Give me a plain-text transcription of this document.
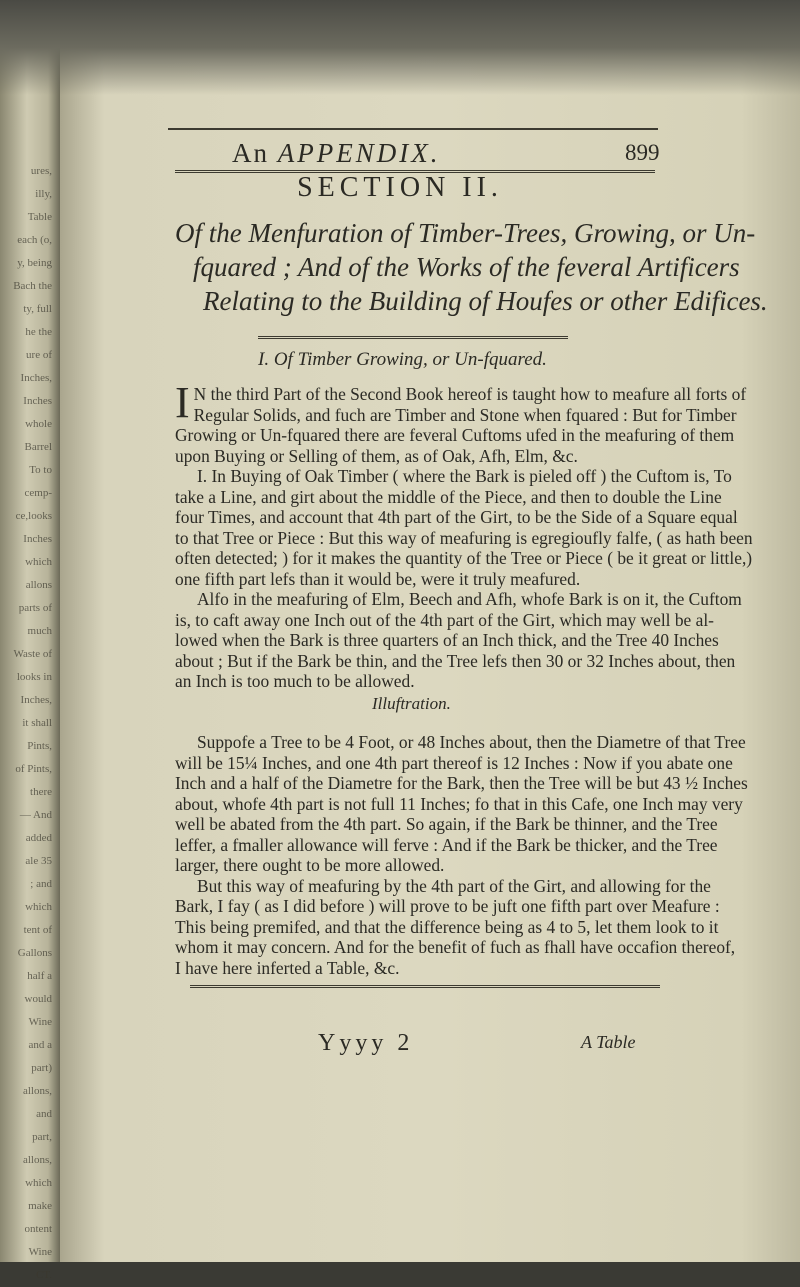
ures,
illy,
Table
each (o,
y, being
Bach the
ty, full
he the
ure of
Inches,
Inches
whole
Barrel
To to
cemp-
ce,looks
Inches
which
allons
parts of
much
Waste of
looks in
Inches,
it shall
Pints,
of Pints,
there
— And
added
ale 35
; and
which
tent of
Gallons
half a
would
Wine
and a
part)
allons,
and
part,
allons,
which
make
ontent
Wine
CT.
An APPENDIX.	899
SECTION II.
Of the Menfuration of Timber-Trees, Growing, or Un-
fquared ; And of the Works of the feveral Artificers
Relating to the Building of Houfes or other Edifices.
I. Of Timber Growing, or Un-fquared.
I N the third Part of the Second Book hereof is taught how to meafure all forts of
Regular Solids, and fuch are Timber and Stone when fquared : But for Timber
Growing or Un-fquared there are feveral Cuftoms ufed in the meafuring of them
upon Buying or Selling of them, as of Oak, Afh, Elm, &c.
I. In Buying of Oak Timber ( where the Bark is pieled off ) the Cuftom is, To
take a Line, and girt about the middle of the Piece, and then to double the Line
four Times, and account that 4th part of the Girt, to be the Side of a Square equal
to that Tree or Piece : But this way of meafuring is egregioufly falfe, ( as hath been
often detected; ) for it makes the quantity of the Tree or Piece ( be it great or little,)
one fifth part lefs than it would be, were it truly meafured.
Alfo in the meafuring of Elm, Beech and Afh, whofe Bark is on it, the Cuftom
is, to caft away one Inch out of the 4th part of the Girt, which may well be al-
lowed when the Bark is three quarters of an Inch thick, and the Tree 40 Inches
about ; But if the Bark be thin, and the Tree lefs then 30 or 32 Inches about, then
an Inch is too much to be allowed.
Illuftration.
Suppofe a Tree to be 4 Foot, or 48 Inches about, then the Diametre of that Tree
will be 15¼ Inches, and one 4th part thereof is 12 Inches : Now if you abate one
Inch and a half of the Diametre for the Bark, then the Tree will be but 43 ½ Inches
about, whofe 4th part is not full 11 Inches; fo that in this Cafe, one Inch may very
well be abated from the 4th part. So again, if the Bark be thinner, and the Tree
leffer, a fmaller allowance will ferve : And if the Bark be thicker, and the Tree
larger, there ought to be more allowed.
But this way of meafuring by the 4th part of the Girt, and allowing for the
Bark, I fay ( as I did before ) will prove to be juft one fifth part over Meafure :
This being premifed, and that the difference being as 4 to 5, let them look to it
whom it may concern. And for the benefit of fuch as fhall have occafion thereof,
I have here inferted a Table, &c.
Yyyy 2	A Table
